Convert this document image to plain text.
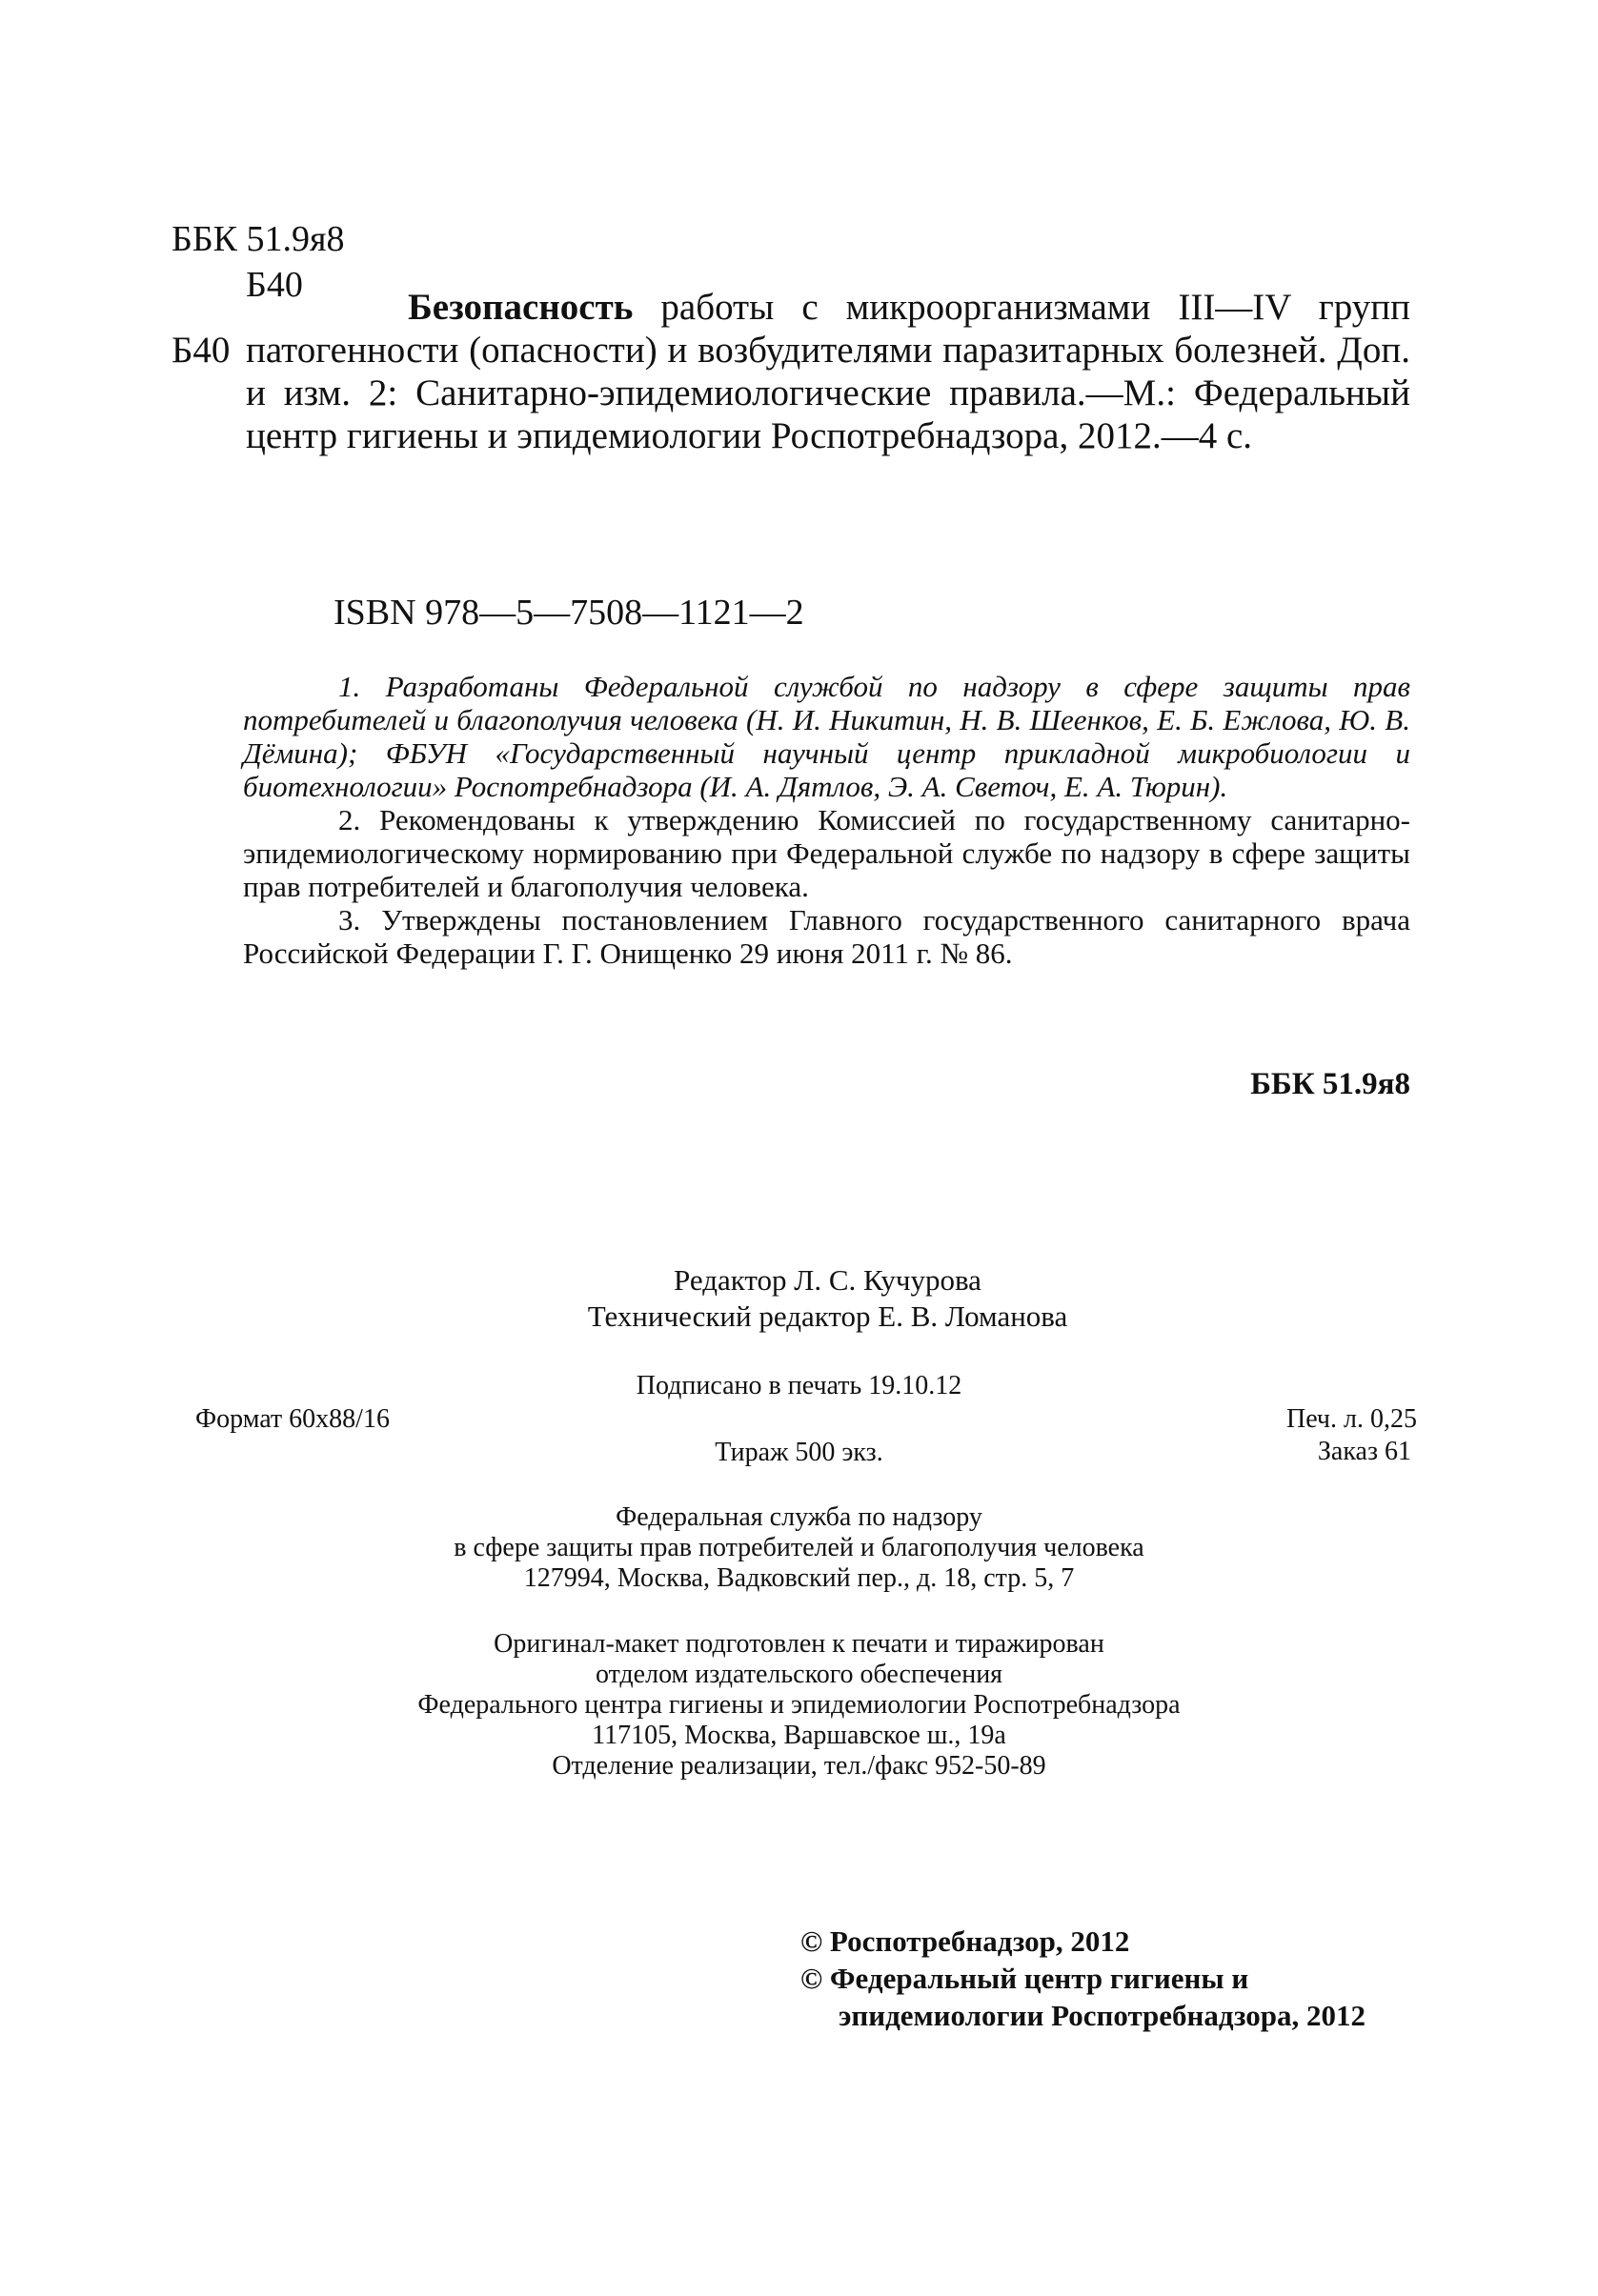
ББК 51.9я8
Б40
Б40

Безопасность работы с микроорганизмами III—IV групп патогенности (опасности) и возбудителями паразитарных болезней. Доп. и изм. 2: Санитарно-эпидемиологические правила.—М.: Федеральный центр гигиены и эпидемиологии Роспотребнадзора, 2012.—4 с.

ISBN 978—5—7508—1121—2

1. Разработаны Федеральной службой по надзору в сфере защиты прав потребителей и благополучия человека (Н. И. Никитин, Н. В. Шеенков, Е. Б. Ежлова, Ю. В. Дёмина); ФБУН «Государственный научный центр прикладной микробиологии и биотехнологии» Роспотребнадзора (И. А. Дятлов, Э. А. Светоч, Е. А. Тюрин).

2. Рекомендованы к утверждению Комиссией по государственному санитарно-эпидемиологическому нормированию при Федеральной службе по надзору в сфере защиты прав потребителей и благополучия человека.

3. Утверждены постановлением Главного государственного санитарного врача Российской Федерации Г. Г. Онищенко 29 июня 2011 г. № 86.

ББК 51.9я8
Редактор Л. С. Кучурова
Технический редактор Е. В. Ломанова
Подписано в печать 19.10.12
Формат 60x88/16	Печ. л. 0,25
Тираж 500 экз.	Заказ 61
Федеральная служба по надзору
в сфере защиты прав потребителей и благополучия человека
127994, Москва, Вадковский пер., д. 18, стр. 5, 7
Оригинал-макет подготовлен к печати и тиражирован
отделом издательского обеспечения
Федерального центра гигиены и эпидемиологии Роспотребнадзора
117105, Москва, Варшавское ш., 19а
Отделение реализации, тел./факс 952-50-89
© Роспотребнадзор, 2012
© Федеральный центр гигиены и
эпидемиологии Роспотребнадзора, 2012
